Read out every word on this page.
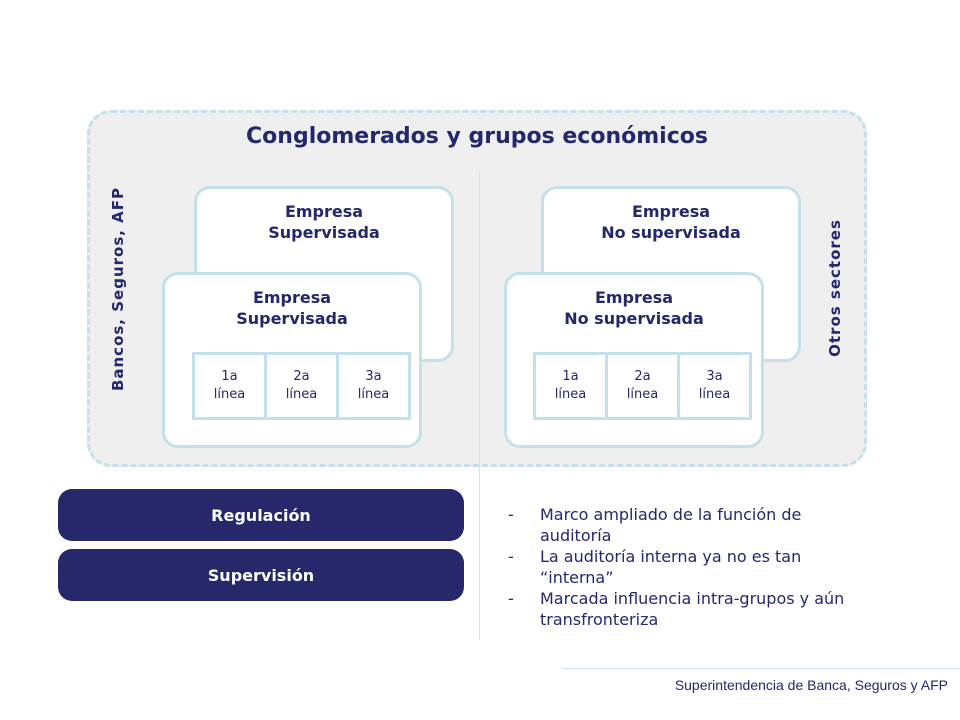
Conglomerados y grupos económicos
Bancos, Seguros, AFP	Otros sectores
Empresa
Supervisada
Empresa
Supervisada
1a
línea
2a
línea
3a
línea
Empresa
No supervisada
Empresa
No supervisada
1a
línea
2a
línea
3a
línea
Regulación
Supervisión
-	Marco ampliado de la función de auditoría
-	La auditoría interna ya no es tan “interna”
-	Marcada influencia intra-grupos y aún transfronteriza
Superintendencia de Banca, Seguros y AFP
